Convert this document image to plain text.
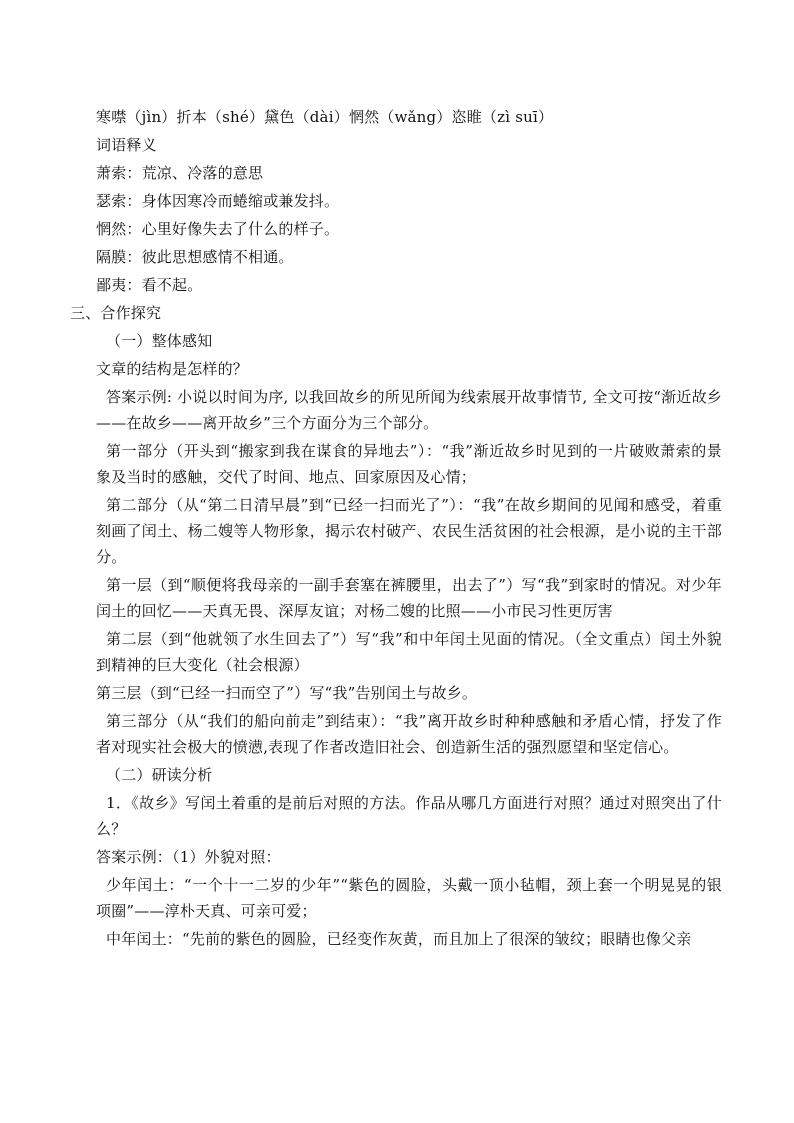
寒噤（jìn）折本（shé）黛色（dài）惘然（wǎng）恣睢（zì suī）
词语释义
萧索：荒凉、冷落的意思
瑟索：身体因寒冷而蜷缩或兼发抖。
惘然：心里好像失去了什么的样子。
隔膜：彼此思想感情不相通。
鄙夷：看不起。
三、合作探究
（一）整体感知
文章的结构是怎样的？
答案示例: 小说以时间为序, 以我回故乡的所见所闻为线索展开故事情节, 全文可按“渐近故乡——在故乡——离开故乡”三个方面分为三个部分。
第一部分（开头到“搬家到我在谋食的异地去”）：“我”渐近故乡时见到的一片破败萧索的景象及当时的感触，交代了时间、地点、回家原因及心情；
第二部分（从“第二日清早晨”到“已经一扫而光了”）：“我”在故乡期间的见闻和感受，着重刻画了闰土、杨二嫂等人物形象，揭示农村破产、农民生活贫困的社会根源，是小说的主干部分。
第一层（到“顺便将我母亲的一副手套塞在裤腰里，出去了”）写“我”到家时的情况。对少年闰土的回忆——天真无畏、深厚友谊；对杨二嫂的比照——小市民习性更厉害
第二层（到“他就领了水生回去了”）写“我”和中年闰土见面的情况。（全文重点）闰土外貌到精神的巨大变化（社会根源）
第三层（到“已经一扫而空了”）写“我”告别闰土与故乡。
第三部分（从“我们的船向前走”到结束）：“我”离开故乡时种种感触和矛盾心情，抒发了作者对现实社会极大的愤懑,表现了作者改造旧社会、创造新生活的强烈愿望和坚定信心。
（二）研读分析
1．《故乡》写闰土着重的是前后对照的方法。作品从哪几方面进行对照？通过对照突出了什么？
答案示例：（1）外貌对照：
少年闰土：“一个十一二岁的少年”“紫色的圆脸，头戴一顶小毡帽，颈上套一个明晃晃的银项圈”——淳朴天真、可亲可爱；
中年闰土：“先前的紫色的圆脸，已经变作灰黄，而且加上了很深的皱纹；眼睛也像父亲
